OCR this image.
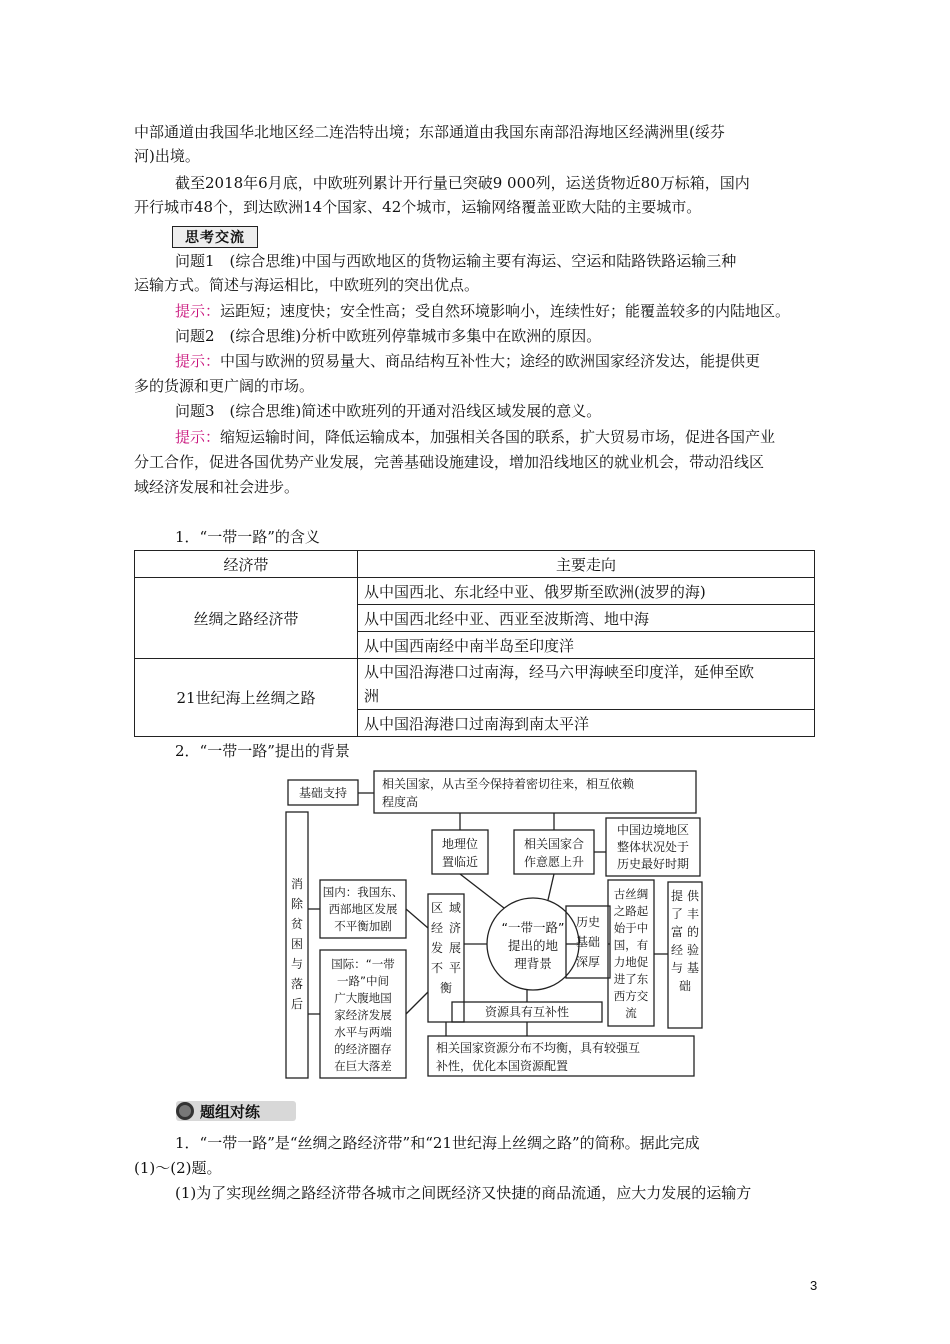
中部通道由我国华北地区经二连浩特出境；东部通道由我国东南部沿海地区经满洲里(绥芬
河)出境。
截至2018年6月底，中欧班列累计开行量已突破9 000列，运送货物近80万标箱，国内
开行城市48个，到达欧洲14个国家、42个城市，运输网络覆盖亚欧大陆的主要城市。
思考交流
问题1　(综合思维)中国与西欧地区的货物运输主要有海运、空运和陆路铁路运输三种
运输方式。简述与海运相比，中欧班列的突出优点。
提示：运距短；速度快；安全性高；受自然环境影响小，连续性好；能覆盖较多的内陆地区。
问题2　(综合思维)分析中欧班列停靠城市多集中在欧洲的原因。
提示：中国与欧洲的贸易量大、商品结构互补性大；途经的欧洲国家经济发达，能提供更
多的货源和更广阔的市场。
问题3　(综合思维)简述中欧班列的开通对沿线区域发展的意义。
提示：缩短运输时间，降低运输成本，加强相关各国的联系，扩大贸易市场，促进各国产业
分工合作，促进各国优势产业发展，完善基础设施建设，增加沿线地区的就业机会，带动沿线区
域经济发展和社会进步。
1．“一带一路”的含义
经济带	主要走向
丝绸之路经济带	从中国西北、东北经中亚、俄罗斯至欧洲(波罗的海)
	从中国西北经中亚、西亚至波斯湾、地中海
	从中国西南经中南半岛至印度洋
21世纪海上丝绸之路	从中国沿海港口过南海，经马六甲海峡至印度洋，延伸至欧
洲
	从中国沿海港口过南海到南太平洋
2．“一带一路”提出的背景
基础支持
相关国家，从古至今保持着密切往来，相互依赖
程度高
地理位
置临近
相关国家合
作意愿上升
中国边境地区
整体状况处于
历史最好时期
消
除
贫
困
与
落
后
国内：我国东、
西部地区发展
不平衡加剧
国际：“一带
一路”中间
广大腹地国
家经济发展
水平与两端
的经济圈存
在巨大落差
区 域
经 济
发 展
不 平
衡
“一带一路”
提出的地
理背景
历史
基础
深厚
古丝绸
之路起
始于中
国，有
力地促
进了东
西方交
流
提 供
了 丰
富 的
经 验
与 基
础
资源具有互补性
相关国家资源分布不均衡，具有较强互
补性，优化本国资源配置
题组对练
1．“一带一路”是“丝绸之路经济带”和“21世纪海上丝绸之路”的简称。据此完成
(1)～(2)题。
(1)为了实现丝绸之路经济带各城市之间既经济又快捷的商品流通，应大力发展的运输方
3
